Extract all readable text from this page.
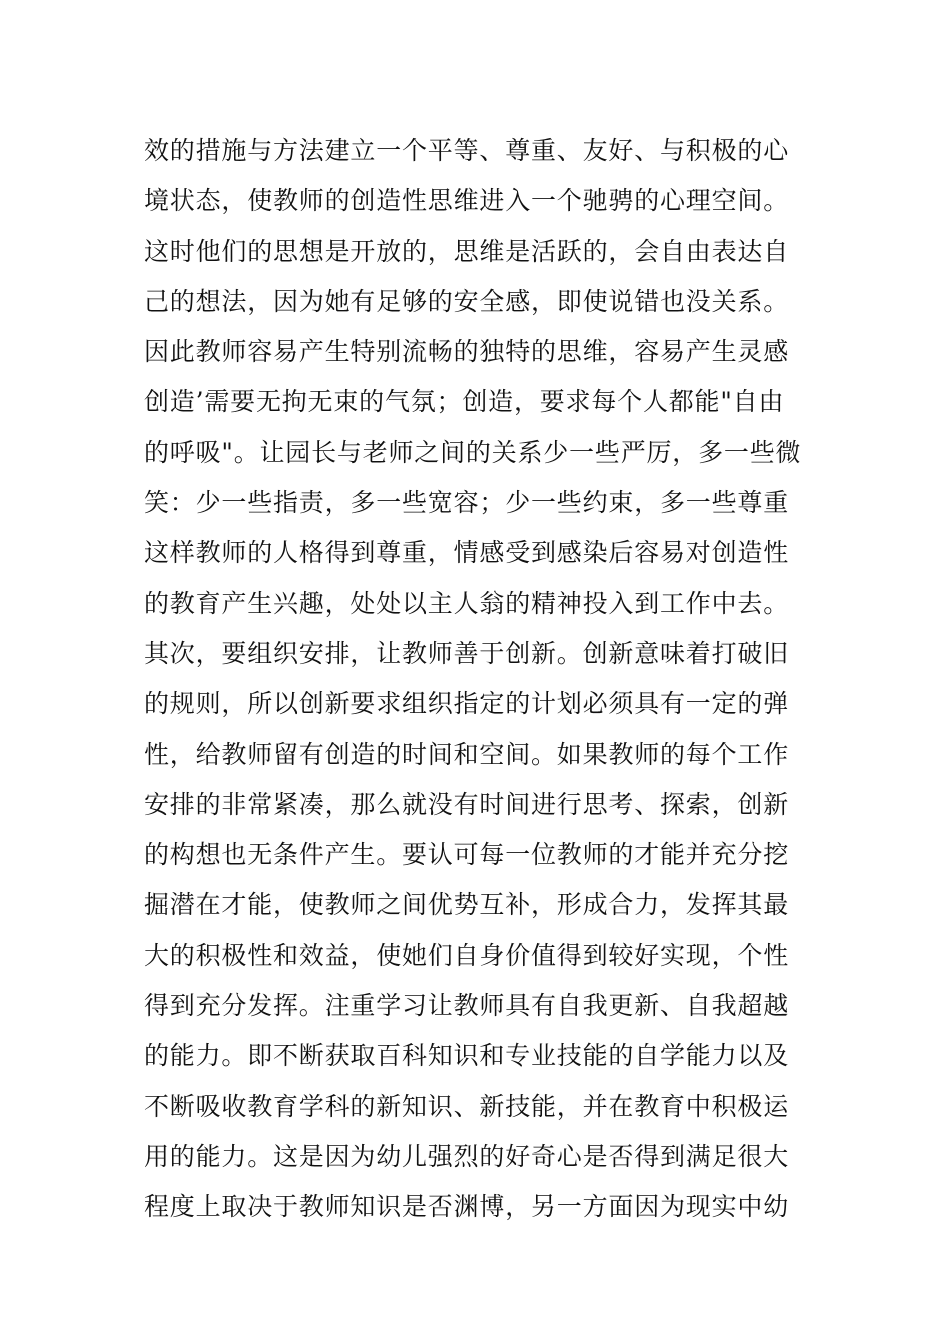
效的措施与方法建立一个平等、尊重、友好、与积极的心
境状态，使教师的创造性思维进入一个驰骋的心理空间。
这时他们的思想是开放的，思维是活跃的，会自由表达自
己的想法，因为她有足够的安全感，即使说错也没关系。
因此教师容易产生特别流畅的独特的思维，容易产生灵感
创造’需要无拘无束的气氛；创造，要求每个人都能"自由
的呼吸"。让园长与老师之间的关系少一些严厉，多一些微
笑：少一些指责，多一些宽容；少一些约束，多一些尊重
这样教师的人格得到尊重，情感受到感染后容易对创造性
的教育产生兴趣，处处以主人翁的精神投入到工作中去。
其次，要组织安排，让教师善于创新。创新意味着打破旧
的规则，所以创新要求组织指定的计划必须具有一定的弹
性，给教师留有创造的时间和空间。如果教师的每个工作
安排的非常紧凑，那么就没有时间进行思考、探索，创新
的构想也无条件产生。要认可每一位教师的才能并充分挖
掘潜在才能，使教师之间优势互补，形成合力，发挥其最
大的积极性和效益，使她们自身价值得到较好实现，个性
得到充分发挥。注重学习让教师具有自我更新、自我超越
的能力。即不断获取百科知识和专业技能的自学能力以及
不断吸收教育学科的新知识、新技能，并在教育中积极运
用的能力。这是因为幼儿强烈的好奇心是否得到满足很大
程度上取决于教师知识是否渊博，另一方面因为现实中幼
